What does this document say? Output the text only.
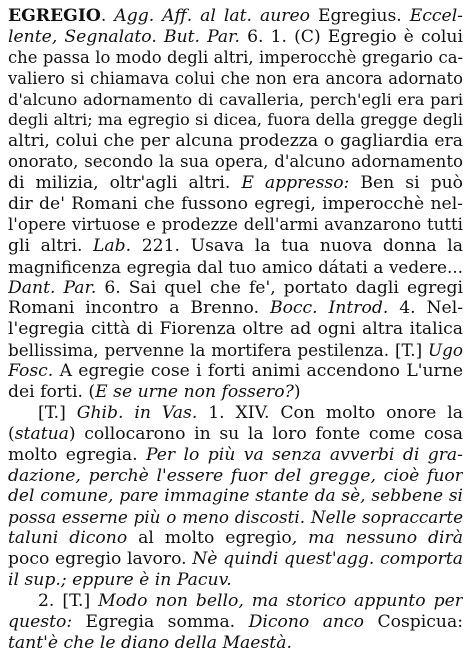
EGREGIO. Agg. Aff. al lat. aureo Egregius. Eccel-
lente, Segnalato. But. Par. 6. 1. (C) Egregio è colui
che passa lo modo degli altri, imperocchè gregario ca-
valiero si chiamava colui che non era ancora adornato
d'alcuno adornamento di cavalleria, perch'egli era pari
degli altri; ma egregio si dicea, fuora della gregge degli
altri, colui che per alcuna prodezza o gagliardia era
onorato, secondo la sua opera, d'alcuno adornamento
di milizia, oltr'agli altri. E appresso: Ben si può
dir de' Romani che fussono egregi, imperocchè nel-
l'opere virtuose e prodezze dell'armi avanzarono tutti
gli altri. Lab. 221. Usava la tua nuova donna la
magnificenza egregia dal tuo amico dátati a vedere...
Dant. Par. 6. Sai quel che fe', portato dagli egregi
Romani incontro a Brenno. Bocc. Introd. 4. Nel-
l'egregia città di Fiorenza oltre ad ogni altra italica
bellissima, pervenne la mortifera pestilenza. [T.] Ugo
Fosc. A egregie cose i forti animi accendono L'urne
dei forti. (E se urne non fossero?)
[T.] Ghib. in Vas. 1. XIV. Con molto onore la
(statua) collocarono in su la loro fonte come cosa
molto egregia. Per lo più va senza avverbi di gra-
dazione, perchè l'essere fuor del gregge, cioè fuor
del comune, pare immagine stante da sè, sebbene si
possa esserne più o meno discosti. Nelle sopraccarte
taluni dicono al molto egregio, ma nessuno dirà
poco egregio lavoro. Nè quindi quest'agg. comporta
il sup.; eppure è in Pacuv.
2. [T.] Modo non bello, ma storico appunto per
questo: Egregia somma. Dicono anco Cospicua:
tant'è che le diano della Maestà.
